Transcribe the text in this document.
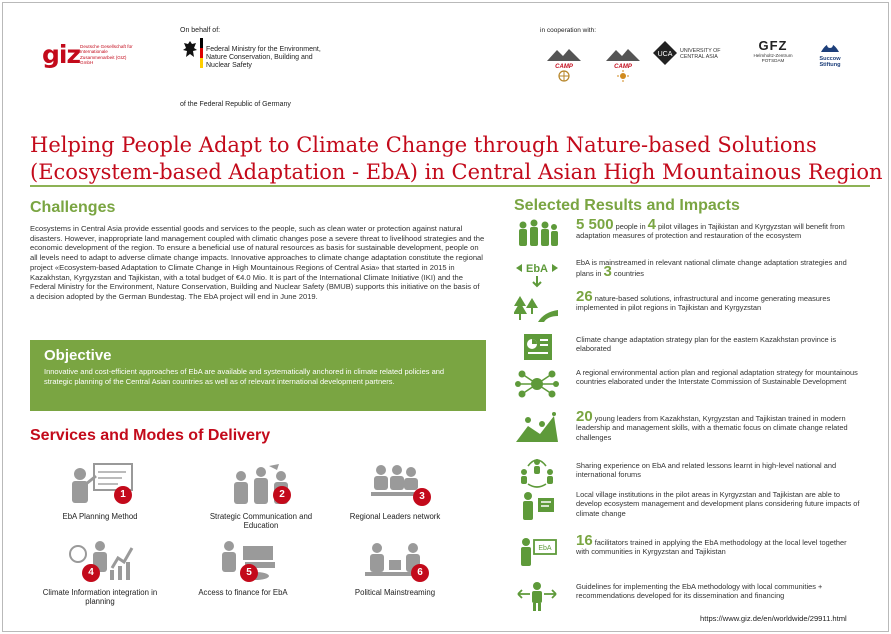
giz Deutsche Gesellschaft für Internationale Zusammenarbeit (GIZ) GmbH
On behalf of:
Federal Ministry for the Environment, Nature Conservation, Building and Nuclear Safety
of the Federal Republic of Germany
in cooperation with:
CAMP	CAMP
UCA UNIVERSITY OF CENTRAL ASIA
GFZ
Helmholtz-Zentrum POTSDAM	Succow Stiftung
Helping People Adapt to Climate Change through Nature-based Solutions
(Ecosystem-based Adaptation - EbA) in Central Asian High Mountainous Region
Challenges
Ecosystems in Central Asia provide essential goods and services to the people, such as clean water or protection against natural disasters. However, inappropriate land management coupled with climatic changes pose a severe threat to livelihood strategies and the economic development of the region. To ensure a beneficial use of natural resources as basis for sustainable development, people on all levels need to adapt to adverse climate change impacts. Innovative approaches to climate change adaptation constitute the regional project «Ecosystem-based Adaptation to Climate Change in High Mountainous Regions of Central Asia» that started in 2015 in Kazakhstan, Kyrgyzstan and Tajikistan, with a total budget of €4.0 Mio. It is part of the International Climate Initiative (IKI) and the Federal Ministry for the Environment, Nature Conservation, Building and Nuclear Safety (BMUB) supports this initiative on the basis of a decision adopted by the German Bundestag. The EbA project will end in June 2019.
Objective

Innovative and cost-efficient approaches of EbA are available and systematically anchored in climate related policies and strategic planning of the Central Asian countries as well as of relevant international development partners.

Services and Modes of Delivery
1
EbA Planning Method
2
Strategic Communication and Education
3
Regional Leaders network
4
Climate Information integration in planning
5
Access to finance for EbA
6
Political Mainstreaming
Selected Results and Impacts
5 500 people in 4 pilot villages in Tajikistan and Kyrgyzstan will benefit from adaptation measures of protection and restauration of the ecosystem
EbA
EbA is mainstreamed in relevant national climate change adaptation strategies and plans in 3 countries
26 nature-based solutions, infrastructural and income generating measures implemented in pilot regions in Tajikistan and Kyrgyzstan
Climate change adaptation strategy plan for the eastern Kazakhstan province is elaborated
A regional environmental action plan and regional adaptation strategy for mountainous countries elaborated under the Interstate Commission of Sustainable Development
20 young leaders from Kazakhstan, Kyrgyzstan and Tajikistan trained in modern leadership and management skills, with a thematic focus on climate change related challenges
Sharing experience on EbA and related lessons learnt in high-level national and international forums
Local village institutions in the pilot areas in Kyrgyzstan and Tajikistan are able to develop ecosystem management and development plans considering future impacts of climate change
EbA 16 facilitators trained in applying the EbA methodology at the local level together with communities in Kyrgyzstan and Tajikistan
Guidelines for implementing the EbA methodology with local communities + recommendations developed for its dissemination and financing
https://www.giz.de/en/worldwide/29911.html
